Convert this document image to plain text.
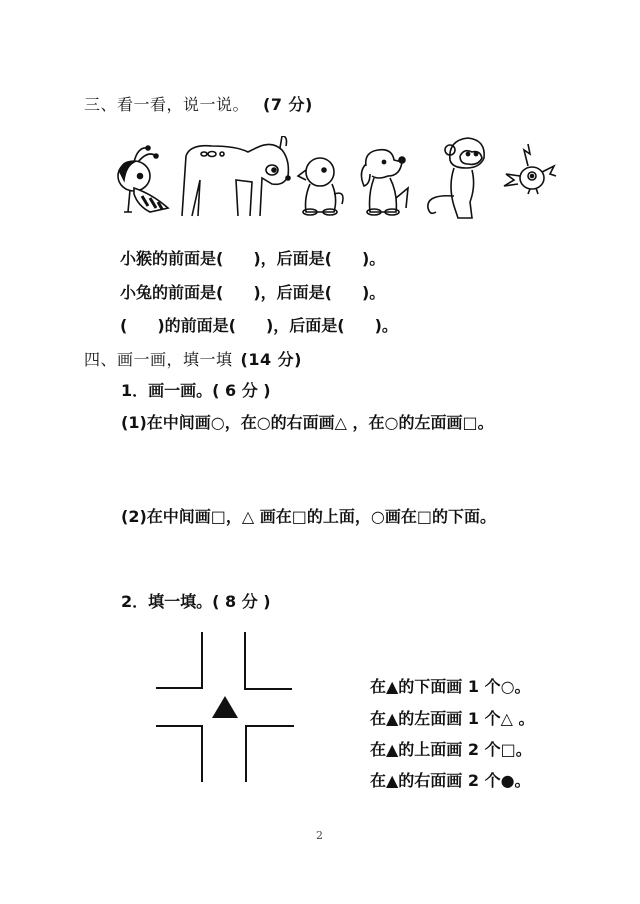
三、看一看，说一说。 (7 分)
小猴的前面是( )，后面是( )。
小兔的前面是( )，后面是( )。
( )的前面是( )，后面是( )。
四、画一画，填一填 (14 分)
1．画一画。( 6 分 )
(1)在中间画○，在○的右面画△ ，在○的左面画□。
(2)在中间画□，△ 画在□的上面，○画在□的下面。
2．填一填。( 8 分 )
在▲的下面画 1 个○。
在▲的左面画 1 个△ 。
在▲的上面画 2 个□。
在▲的右面画 2 个●。
2
